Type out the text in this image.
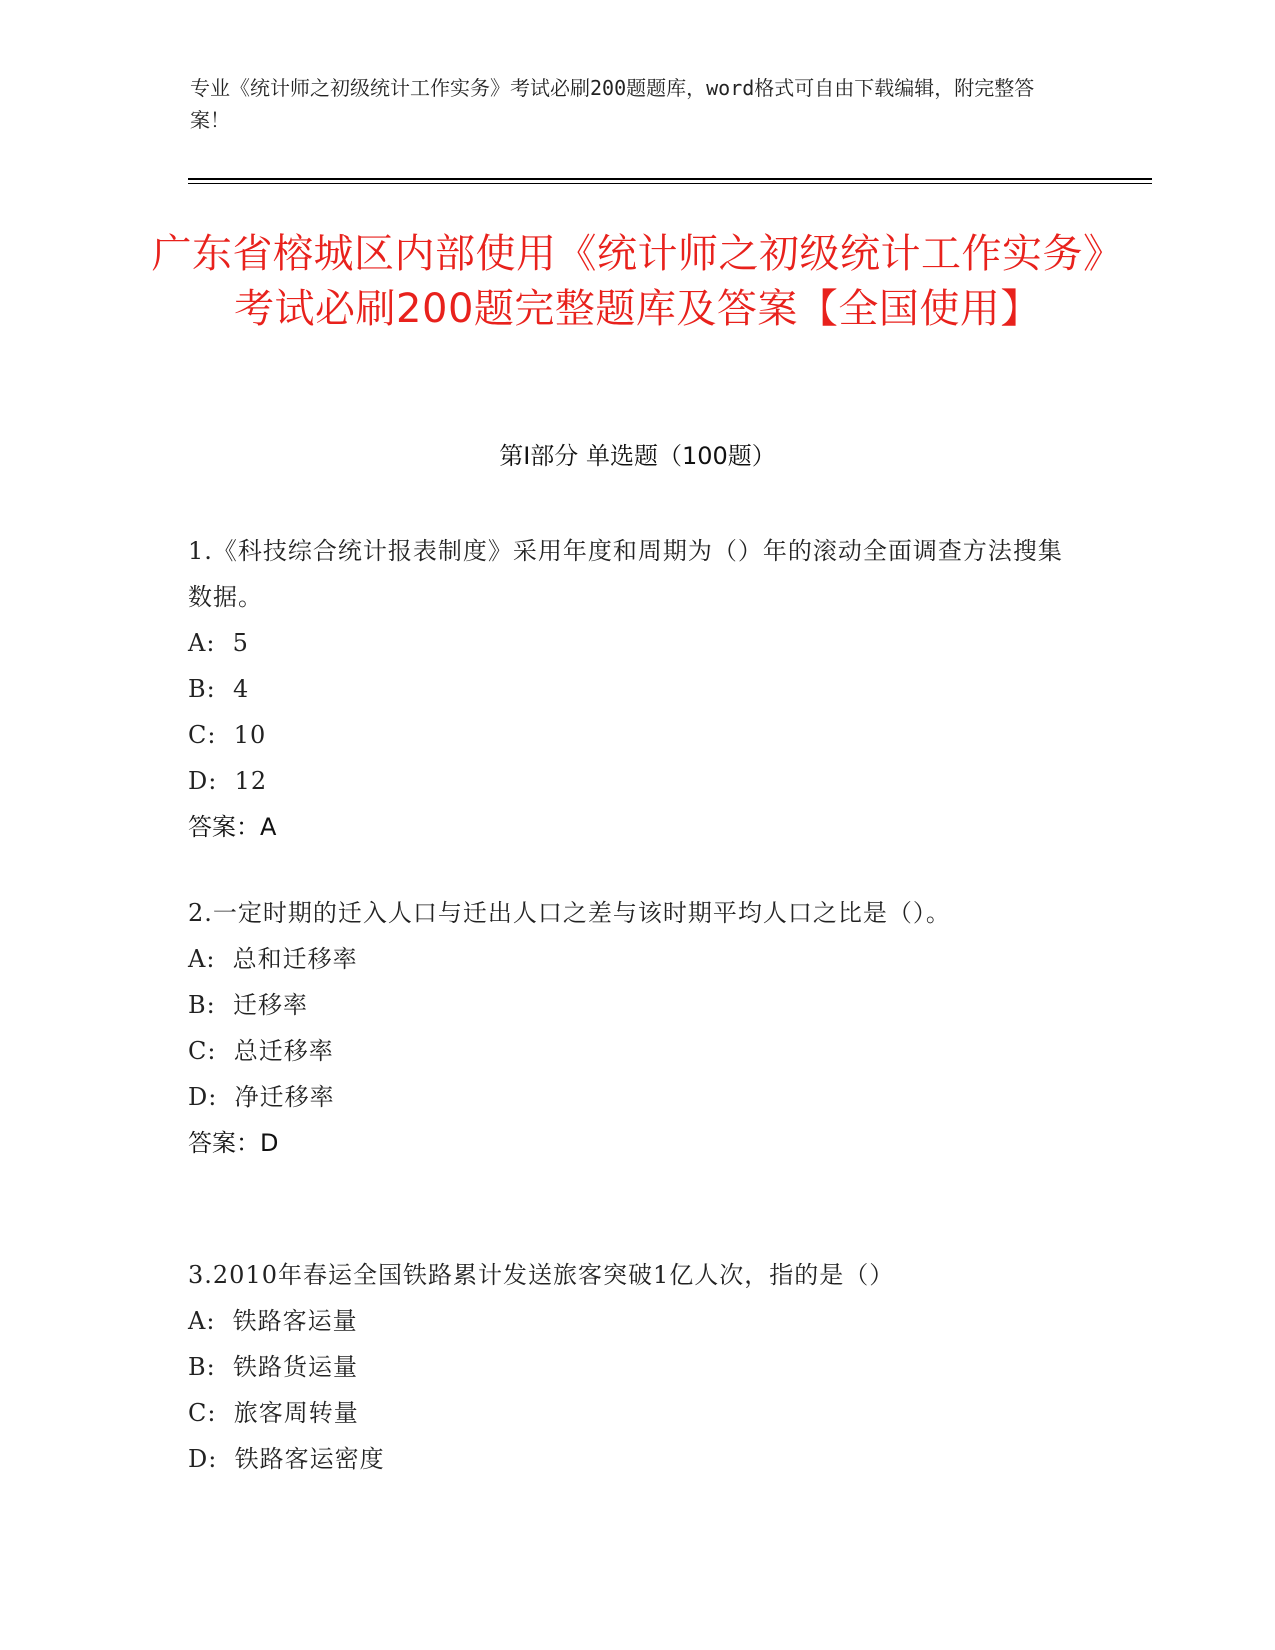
专业《统计师之初级统计工作实务》考试必刷200题题库，word格式可自由下载编辑，附完整答案！
广东省榕城区内部使用《统计师之初级统计工作实务》考试必刷200题完整题库及答案【全国使用】
第I部分 单选题（100题）
1.《科技综合统计报表制度》采用年度和周期为（）年的滚动全面调查方法搜集数据。
A:  5
B:  4
C:  10
D:  12
答案：A
2.一定时期的迁入人口与迁出人口之差与该时期平均人口之比是（）。
A:  总和迁移率
B:  迁移率
C:  总迁移率
D:  净迁移率
答案：D
3.2010年春运全国铁路累计发送旅客突破1亿人次，指的是（）
A:  铁路客运量
B:  铁路货运量
C:  旅客周转量
D:  铁路客运密度
